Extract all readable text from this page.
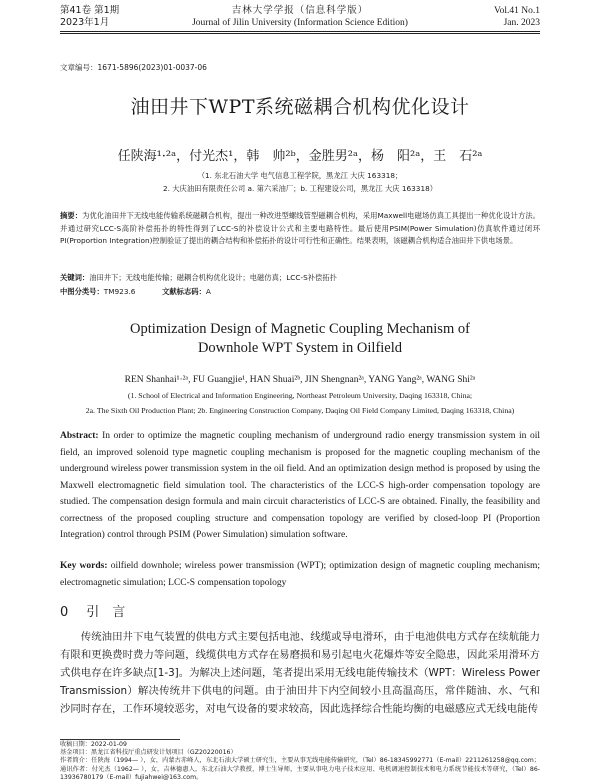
第41卷 第1期
2023年1月
吉林大学学报（信息科学版）
Journal of Jilin University (Information Science Edition)
Vol.41 No.1
Jan. 2023
文章编号：1671-5896(2023)01-0037-06
油田井下WPT系统磁耦合机构优化设计
任陕海¹·²ᵃ，付光杰¹，韩　帅²ᵇ，金胜男²ᵃ，杨　阳²ᵃ，王　石²ᵃ
（1. 东北石油大学 电气信息工程学院，黑龙江 大庆 163318；
2. 大庆油田有限责任公司 a. 第六采油厂；b. 工程建设公司，黑龙江 大庆 163318）
摘要：为优化油田井下无线电能传输系统磁耦合机构，提出一种改进型螺线管型磁耦合机构，采用Maxwell电磁场仿真工具提出一种优化设计方法。并通过研究LCC-S高阶补偿拓扑的特性得到了LCC-S的补偿设计公式和主要电路特性。最后使用PSIM(Power Simulation)仿真软件通过闭环PI(Proportion Integration)控制验证了提出的耦合结构和补偿拓扑的设计可行性和正确性。结果表明，该磁耦合机构适合油田井下供电场景。
关键词：油田井下；无线电能传输；磁耦合机构优化设计；电磁仿真；LCC-S补偿拓扑
中图分类号：TM923.6	文献标志码：A
Optimization Design of Magnetic Coupling Mechanism of
Downhole WPT System in Oilfield
REN Shanhai¹·²ᵃ, FU Guangjie¹, HAN Shuai²ᵇ, JIN Shengnan²ᵃ, YANG Yang²ᵃ, WANG Shi²ᵃ
(1. School of Electrical and Information Engineering, Northeast Petroleum University, Daqing 163318, China;
2a. The Sixth Oil Production Plant; 2b. Engineering Construction Company, Daqing Oil Field Company Limited, Daqing 163318, China)
Abstract: In order to optimize the magnetic coupling mechanism of underground radio energy transmission system in oil field, an improved solenoid type magnetic coupling mechanism is proposed for the magnetic coupling mechanism of the underground wireless power transmission system in the oil field. And an optimization design method is proposed by using the Maxwell electromagnetic field simulation tool. The characteristics of the LCC-S high-order compensation topology are studied. The compensation design formula and main circuit characteristics of LCC-S are obtained. Finally, the feasibility and correctness of the proposed coupling structure and compensation topology are verified by closed-loop PI (Proportion Integration) control through PSIM (Power Simulation) simulation software.
Key words: oilfield downhole; wireless power transmission (WPT); optimization design of magnetic coupling mechanism; electromagnetic simulation; LCC-S compensation topology
0 引　言
传统油田井下电气装置的供电方式主要包括电池、线缆或导电滑环，由于电池供电方式存在续航能力有限和更换费时费力等问题，线缆供电方式存在易磨损和易引起电火花爆炸等安全隐患，因此采用滑环方式供电存在许多缺点[1-3]。为解决上述问题，笔者提出采用无线电能传输技术（WPT：Wireless Power Transmission）解决传统井下供电的问题。由于油田井下内空间较小且高温高压，常伴随油、水、气和沙同时存在，工作环境较恶劣，对电气设备的要求较高，因此选择综合性能均衡的电磁感应式无线电能传
收稿日期：2022-01-09
基金项目：黑龙江省科技厅重点研发计划项目（GZ20220016）
作者简介：任陕海（1994— ），女，内蒙古赤峰人，东北石油大学硕士研究生，主要从事无线电能传输研究，（Tel）86-18345992771（E-mail）2211261258@qq.com；通讯作者：付光杰（1962— ），女，吉林德惠人，东北石油大学教授，博士生导师，主要从事电力电子技术应用、电机调速控制技术和电力系统节能技术等研究，（Tel）86-13936780179（E-mail）fujiahwei@163.com。
